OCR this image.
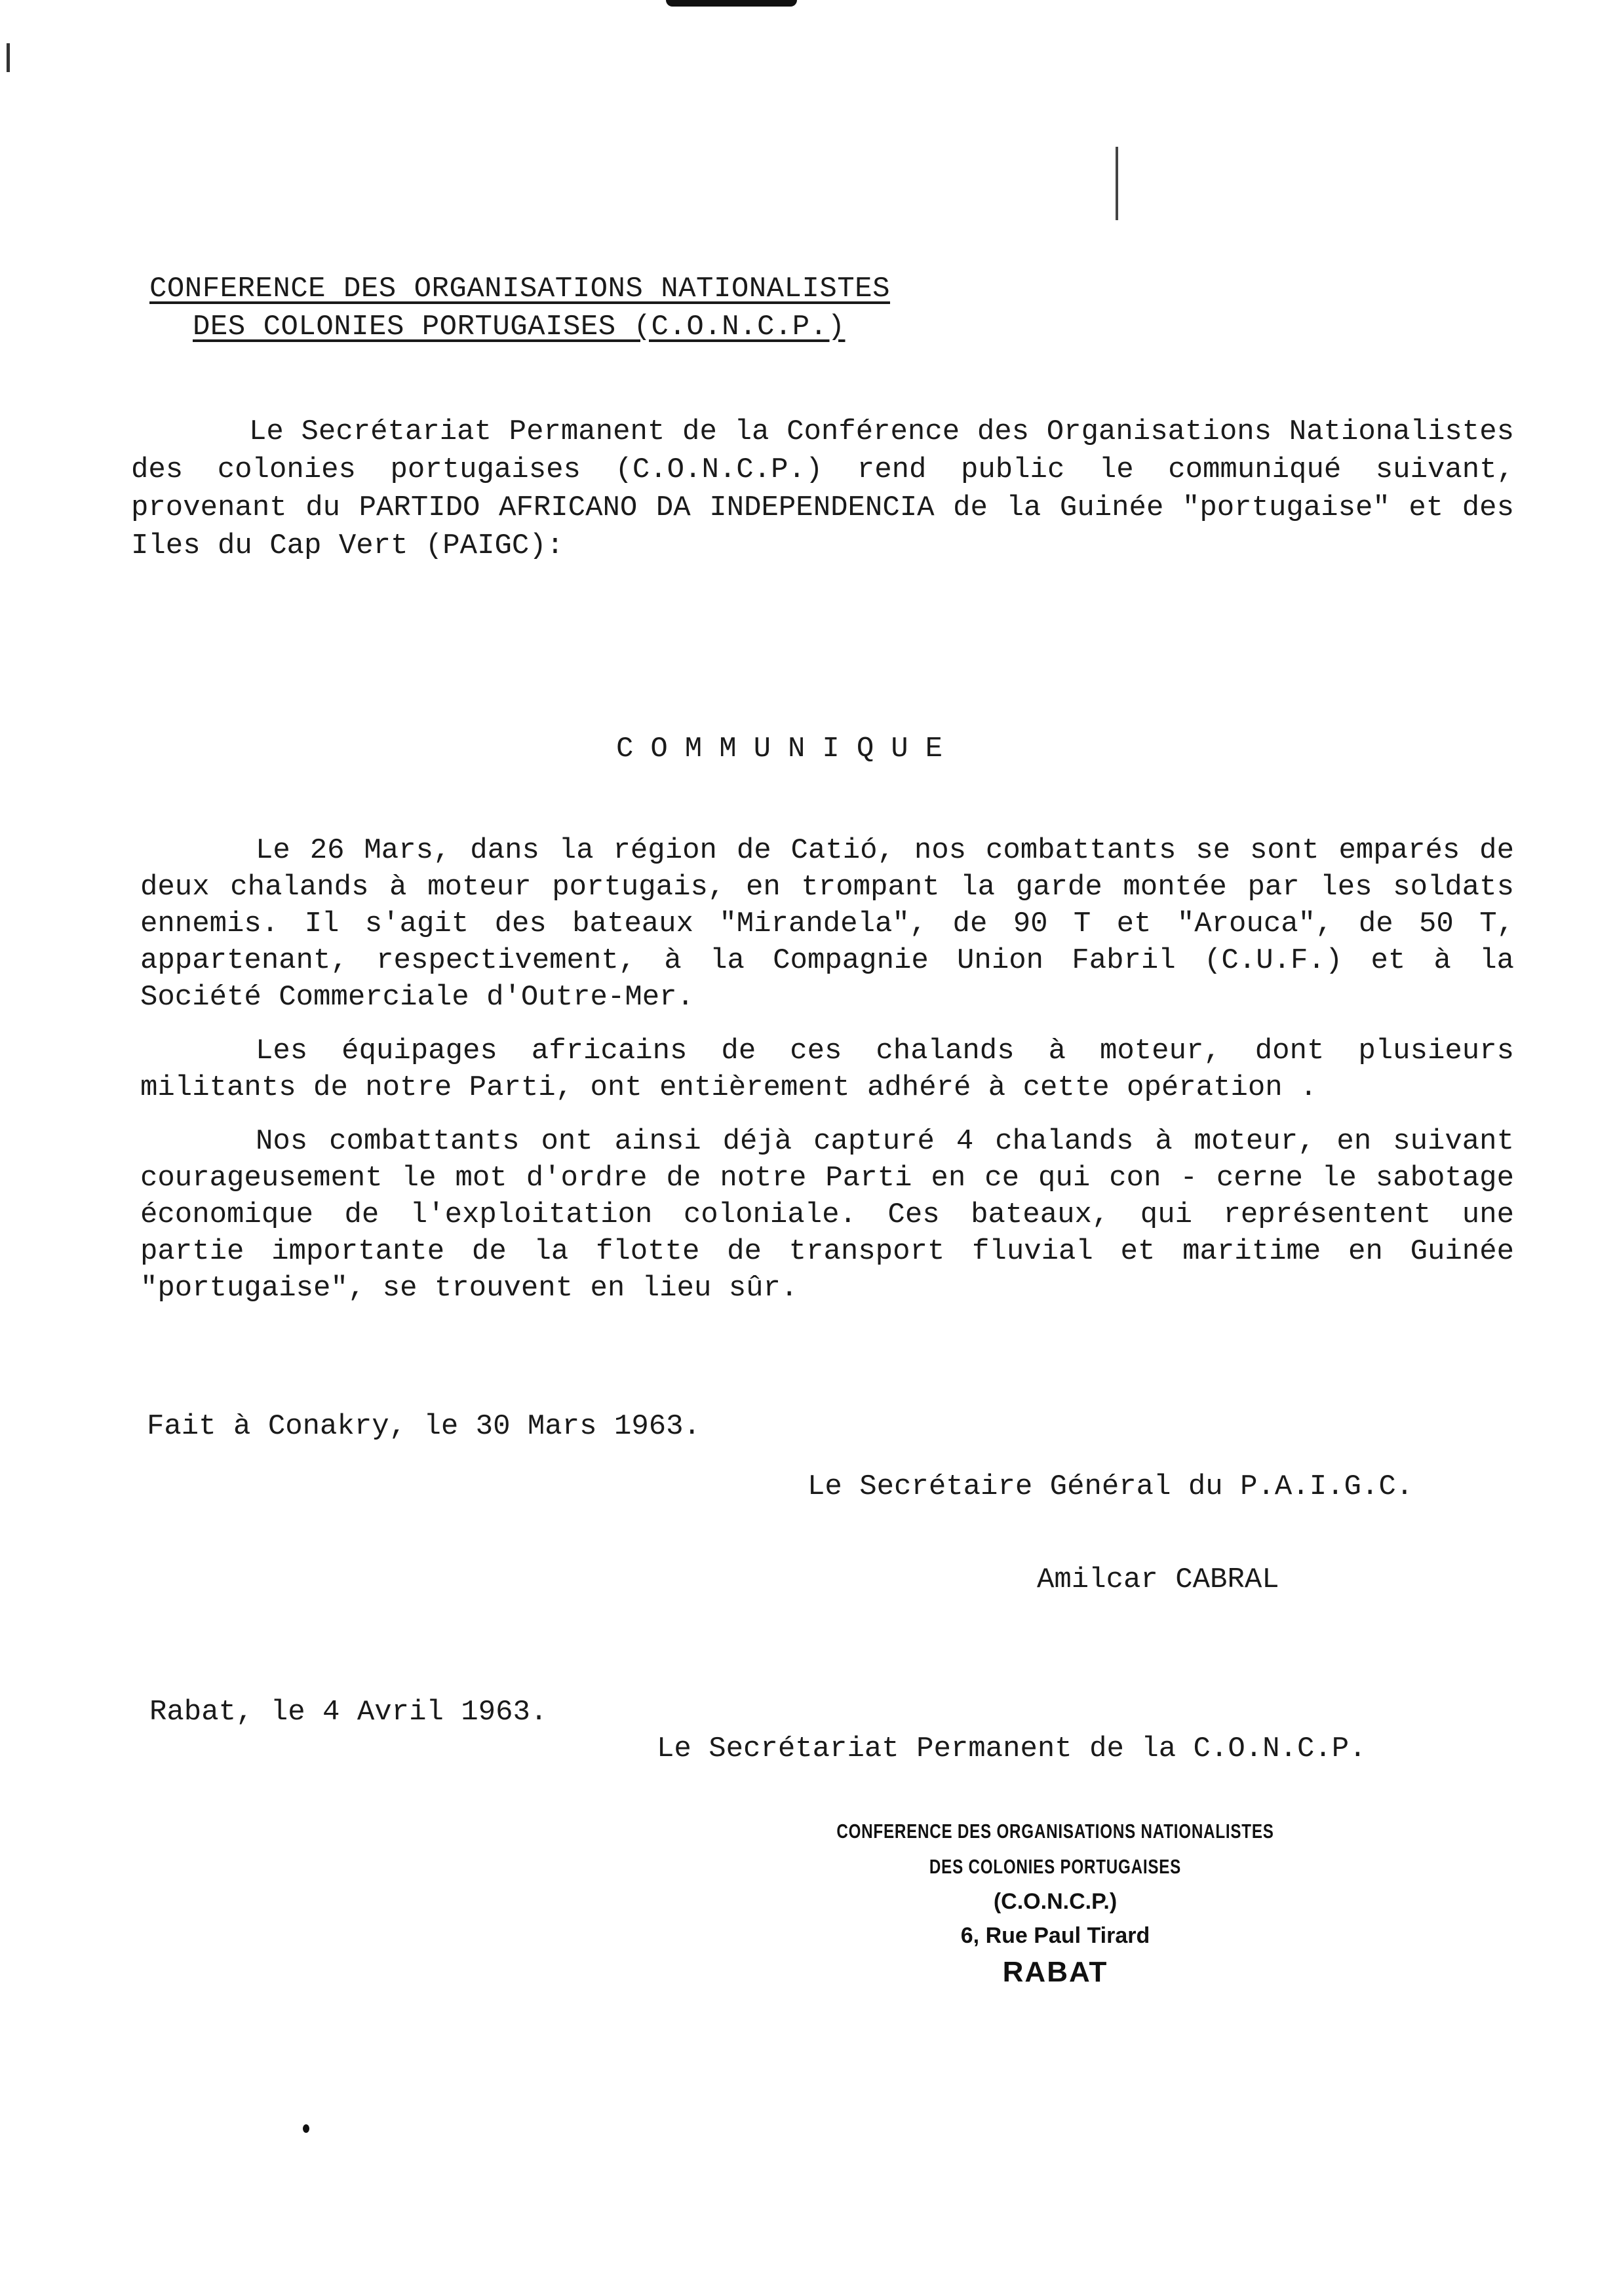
CONFERENCE DES ORGANISATIONS NATIONALISTES
DES COLONIES PORTUGAISES (C.O.N.C.P.)

Le Secrétariat Permanent de la Conférence des Organisations Nationalistes des colonies portugaises (C.O.N.C.P.) rend public le communiqué suivant, provenant du PARTIDO AFRICANO DA INDEPENDENCIA de la Guinée "portugaise" et des Iles du Cap Vert (PAIGC):

COMMUNIQUE

Le 26 Mars, dans la région de Catió, nos combattants se sont emparés de deux chalands à moteur portugais, en trompant la garde montée par les soldats ennemis. Il s'agit des bateaux "Mirandela", de 90 T et "Arouca", de 50 T, appartenant, respectivement, à la Compagnie Union Fabril (C.U.F.) et à la Société Commerciale d'Outre-Mer.

Les équipages africains de ces chalands à moteur, dont plusieurs militants de notre Parti, ont entièrement adhéré à cette opération .

Nos combattants ont ainsi déjà capturé 4 chalands à moteur, en suivant courageusement le mot d'ordre de notre Parti en ce qui con - cerne le sabotage économique de l'exploitation coloniale. Ces bateaux, qui représentent une partie importante de la flotte de transport fluvial et maritime en Guinée "portugaise", se trouvent en lieu sûr.

Fait à Conakry, le 30 Mars 1963.
Le Secrétaire Général du P.A.I.G.C.
Amilcar CABRAL
Rabat, le 4 Avril 1963.
Le Secrétariat Permanent de la C.O.N.C.P.
CONFERENCE DES ORGANISATIONS NATIONALISTES
DES COLONIES PORTUGAISES
(C.O.N.C.P.)
6, Rue Paul Tirard
RABAT
